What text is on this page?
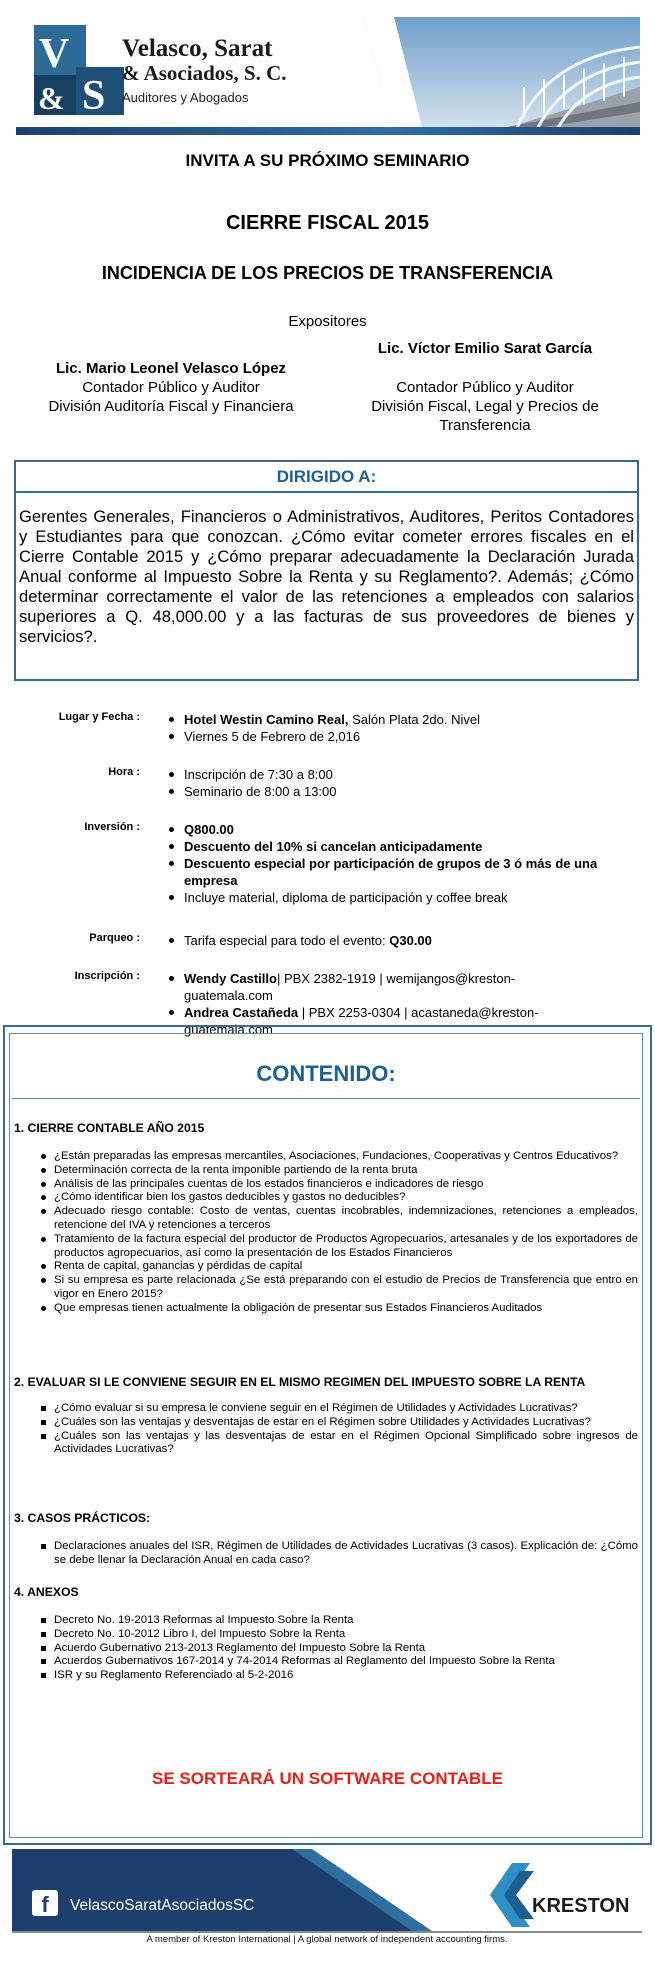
V
S
&
Velasco, Sarat
& Asociados, S. C.
Auditores y Abogados
INVITA A SU PRÓXIMO SEMINARIO
CIERRE FISCAL 2015
INCIDENCIA DE LOS PRECIOS DE TRANSFERENCIA
Expositores
Lic. Mario Leonel Velasco López
Contador Público y Auditor
División Auditoría Fiscal y Financiera
Lic. Víctor Emilio Sarat García
Contador Público y Auditor
División Fiscal, Legal y Precios de Transferencia
DIRIGIDO A:
Gerentes Generales, Financieros o Administrativos, Auditores, Peritos Contadores y Estudiantes para que conozcan. ¿Cómo evitar cometer errores fiscales en el Cierre Contable 2015 y ¿Cómo preparar adecuadamente la Declaración Jurada Anual conforme al Impuesto Sobre la Renta y su Reglamento?. Además; ¿Cómo determinar correctamente el valor de las retenciones a empleados con salarios superiores a Q. 48,000.00 y a las facturas de sus proveedores de bienes y servicios?.
Lugar y Fecha :	Hotel Westin Camino Real, Salón Plata 2do. Nivel
Viernes 5 de Febrero de 2,016
Hora :	Inscripción de 7:30 a 8:00
Seminario de 8:00 a 13:00
Inversión :	Q800.00
Descuento del 10% si cancelan anticipadamente
Descuento especial por participación de grupos de 3 ó más de una empresa
Incluye material, diploma de participación y coffee break
Parqueo :	Tarifa especial para todo el evento: Q30.00
Inscripción :	Wendy Castillo| PBX 2382-1919 | wemijangos@kreston-guatemala.com
Andrea Castañeda | PBX 2253-0304 | acastaneda@kreston-guatemala.com
CONTENIDO:
1. CIERRE CONTABLE AÑO 2015
¿Están preparadas las empresas mercantiles, Asociaciones, Fundaciones, Cooperativas y Centros Educativos?
Determinación correcta de la renta imponible partiendo de la renta bruta
Análisis de las principales cuentas de los estados financieros e indicadores de riesgo
¿Cómo identificar bien los gastos deducibles y gastos no deducibles?
Adecuado riesgo contable: Costo de ventas, cuentas incobrables, indemnizaciones, retenciones a empleados, retencione del IVA y retenciones a terceros
Tratamiento de la factura especial del productor de Productos Agropecuarios, artesanales y de los exportadores de productos agropecuarios, así como la presentación de los Estados Financieros
Renta de capital, ganancias y pérdidas de capital
Si su empresa es parte relacionada ¿Se está preparando con el estudio de Precios de Transferencia que entro en vigor en Enero 2015?
Que empresas tienen actualmente la obligación de presentar sus Estados Financieros Auditados
2. EVALUAR SI LE CONVIENE SEGUIR EN EL MISMO REGIMEN DEL IMPUESTO SOBRE LA RENTA
¿Cómo evaluar si su empresa le conviene seguir en el Régimen de Utilidades y Actividades Lucrativas?
¿Cuáles son las ventajas y desventajas de estar en el Régimen sobre Utilidades y Actividades Lucrativas?
¿Cuáles son las ventajas y las desventajas de estar en el Régimen Opcional Simplificado sobre ingresos de Actividades Lucrativas?
3. CASOS PRÁCTICOS:
Declaraciones anuales del ISR, Régimen de Utilidades de Actividades Lucrativas (3 casos). Explicación de: ¿Cómo se debe llenar la Declaración Anual en cada caso?
4. ANEXOS
Decreto No. 19-2013 Reformas al Impuesto Sobre la Renta
Decreto No. 10-2012 Libro I, del Impuesto Sobre la Renta
Acuerdo Gubernativo 213-2013 Reglamento del Impuesto Sobre la Renta
Acuerdos Gubernativos 167-2014 y 74-2014 Reformas al Reglamento del Impuesto Sobre la Renta
ISR y su Reglamento Referenciado al 5-2-2016
SE SORTEARÁ UN SOFTWARE CONTABLE
f	VelascoSaratAsociadosSC	KRESTON
A member of Kreston International | A global network of independent accounting firms.
